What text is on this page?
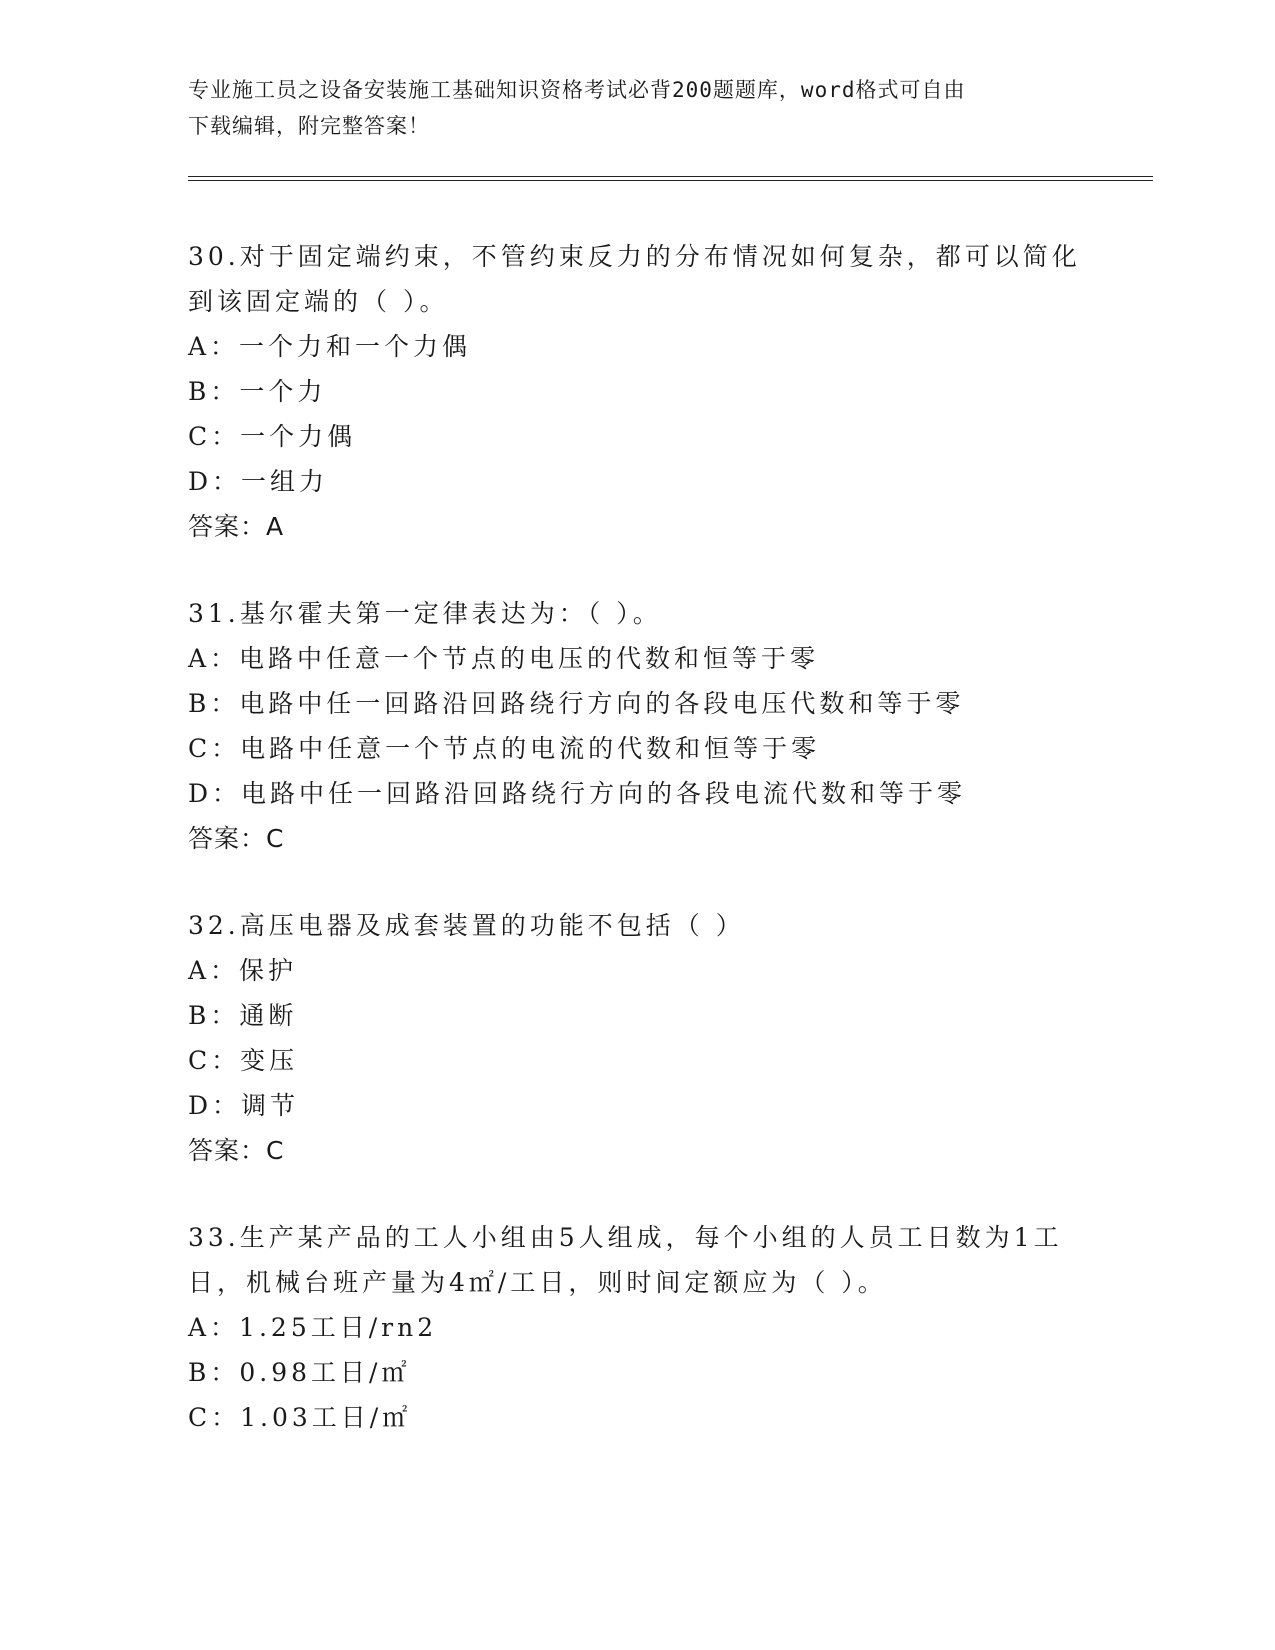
专业施工员之设备安装施工基础知识资格考试必背200题题库，word格式可自由
下载编辑，附完整答案！
30.对于固定端约束，不管约束反力的分布情况如何复杂，都可以简化
到该固定端的（ ）。
A：一个力和一个力偶
B：一个力
C：一个力偶
D：一组力
答案：A
31.基尔霍夫第一定律表达为：（ ）。
A：电路中任意一个节点的电压的代数和恒等于零
B：电路中任一回路沿回路绕行方向的各段电压代数和等于零
C：电路中任意一个节点的电流的代数和恒等于零
D：电路中任一回路沿回路绕行方向的各段电流代数和等于零
答案：C
32.高压电器及成套装置的功能不包括（ ）
A：保护
B：通断
C：变压
D：调节
答案：C
33.生产某产品的工人小组由5人组成，每个小组的人员工日数为1工
日，机械台班产量为4㎡/工日，则时间定额应为（ ）。
A：1.25工日/rn2
B：0.98工日/㎡
C：1.03工日/㎡
